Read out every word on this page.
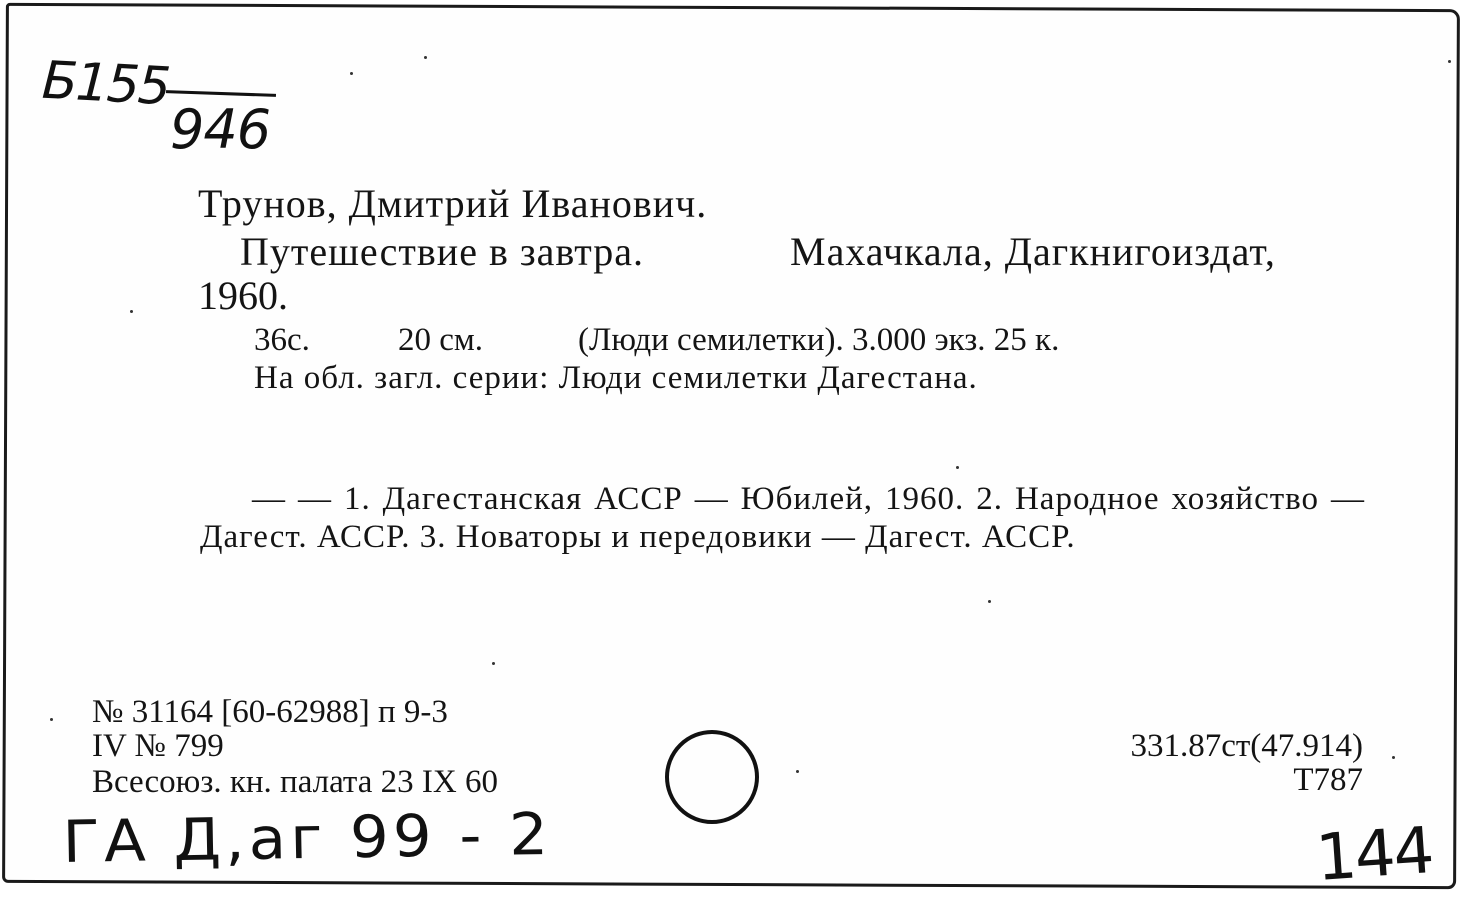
Б155
946
Трунов, Дмитрий Иванович.
Путешествие в завтра.	Махачкала, Дагкнигоиздат,
1960.
36с.	20 см.	(Люди семилетки). 3.000 экз. 25 к.
На обл. загл. серии: Люди семилетки Дагестана.
— — 1. Дагестанская АССР — Юбилей, 1960. 2. Народное хозяйство — Дагест. АССР. 3. Новаторы и передовики — Дагест. АССР.
№ 31164 [60-62988] п 9-3
IV № 799
Всесоюз. кн. палата 23 IX 60
331.87ст(47.914)
Т787
ГА Д,аг 99 - 2	144
